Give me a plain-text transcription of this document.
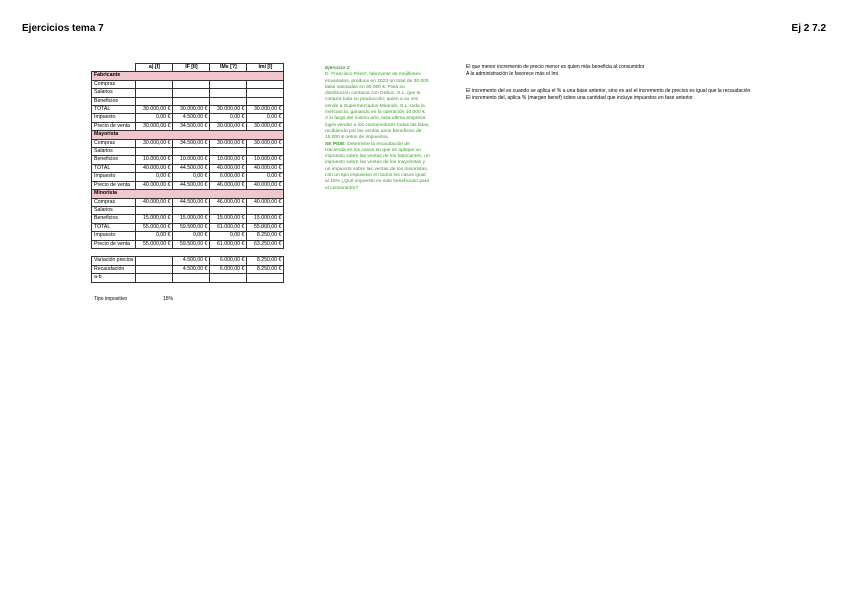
Ejercicios tema 7	Ej 2 7.2
	a) [I]	IF [II]	IMs [?]	Imi [I]
Fabricante				
Compras				
Salarios				
Beneficios				
TOTAL	30.000,00 €	30.000,00 €	30.000,00 €	30.000,00 €
Impuesto	0,00 €	4.500,00 €	0,00 €	0,00 €
Precio de venta	30.000,00 €	34.500,00 €	30.000,00 €	30.000,00 €
Mayorista				
Compras	30.000,00 €	34.500,00 €	30.000,00 €	30.000,00 €
Salarios				
Beneficios	10.000,00 €	10.000,00 €	10.000,00 €	10.000,00 €
TOTAL	40.000,00 €	44.500,00 €	40.000,00 €	40.000,00 €
Impuesto	0,00 €	0,00 €	6.000,00 €	0,00 €
Precio de venta	40.000,00 €	44.500,00 €	46.000,00 €	40.000,00 €
Minorista				
Compras	40.000,00 €	44.500,00 €	46.000,00 €	40.000,00 €
Salarios				
Beneficios	15.000,00 €	15.000,00 €	15.000,00 €	15.000,00 €
TOTAL	55.000,00 €	59.500,00 €	61.000,00 €	55.000,00 €
Impuesto	0,00 €	0,00 €	0,00 €	8.250,00 €
Precio de venta	55.000,00 €	59.500,00 €	61.000,00 €	63.250,00 €

Variación precios		4.500,00 €	6.000,00 €	8.250,00 €
Recaudación		4.500,00 €	6.000,00 €	8.250,00 €
a-b				
Tipo impositivo	15%
Ejercicio 2
D. Francisco Pérez, fabricante de mejillones envasados, produce en 2023 un total de 20.000 latas valoradas en 30.000 €. Para su distribución contacta con Debuc, S.L. que le compra toda su producción; quien a su vez vende a Supermercados Mirando, S.L. toda la mercancía, ganando en la operación 10.000 €. A lo largo del mismo año, esta última empresa logra vender a los consumidores todas las latas, recibiendo por las ventas unos beneficios de 15.000 € netos de impuestos.
SE PIDE: Determine la recaudación de Hacienda en los casos en que se aplique un impuesto sobre las ventas de los fabricantes, un impuesto sobre las ventas de los mayoristas y un impuesto sobre las ventas de los minoristas, con un tipo impositivo en todos los casos igual al 15% ¿Qué impuesto es más beneficioso para el consumidor?
El que menor incremento de precio menor es quien más beneficia al consumidor
A la administración le favorece más el Imi
El incremento del es cuando se aplica el % a una base anterior, sino es así el incremento de precios es igual que la recaudación
El incremento del, aplica % (margen benef) sobre una cantidad que incluye impuestos en fase anterior
